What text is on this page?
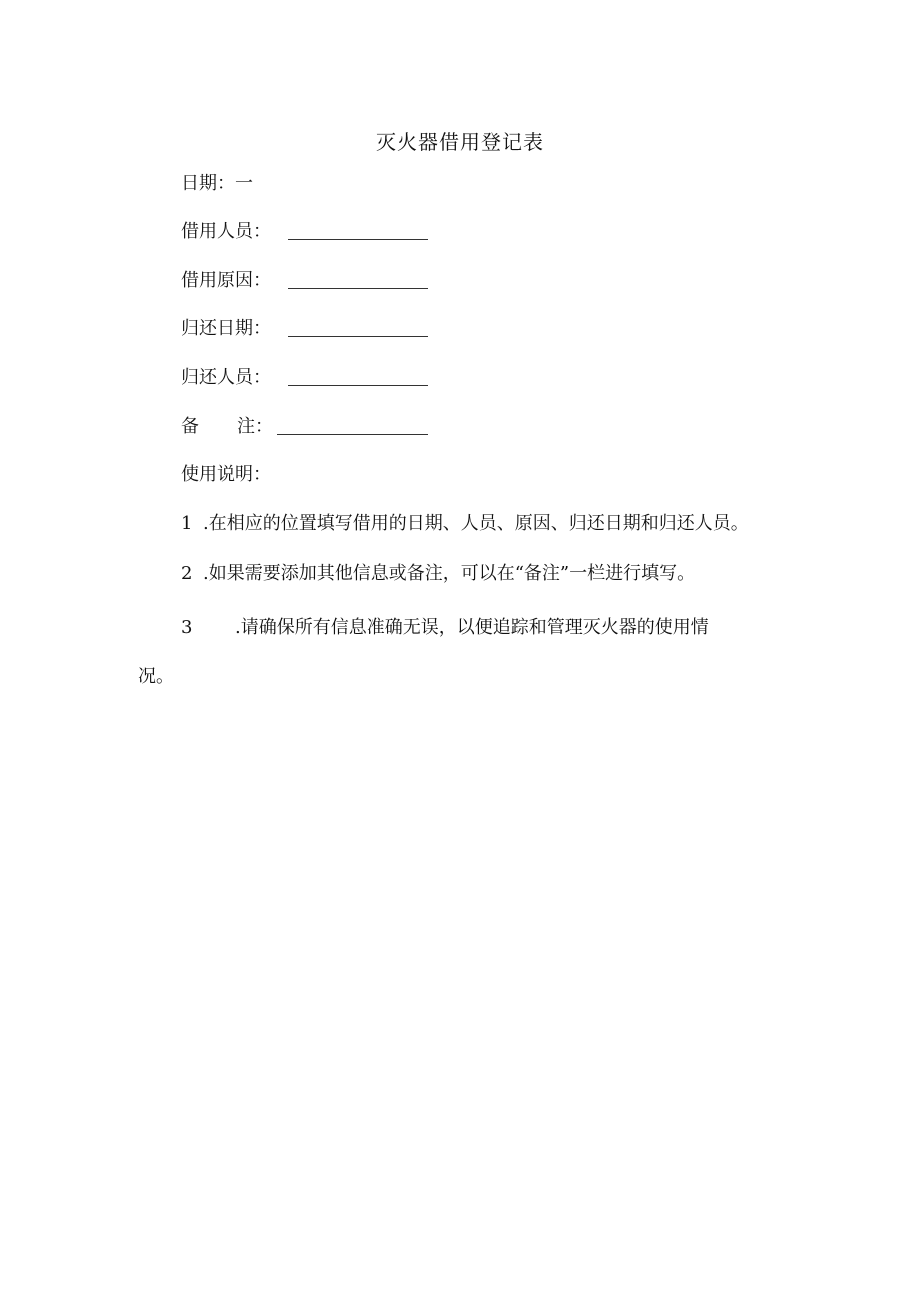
灭火器借用登记表
日期：一
借用人员：
借用原因：
归还日期：
归还人员：
备 注：
使用说明：
1 .在相应的位置填写借用的日期、人员、原因、归还日期和归还人员。
2 .如果需要添加其他信息或备注，可以在“备注”一栏进行填写。
3 .请确保所有信息准确无误，以便追踪和管理灭火器的使用情
况。
